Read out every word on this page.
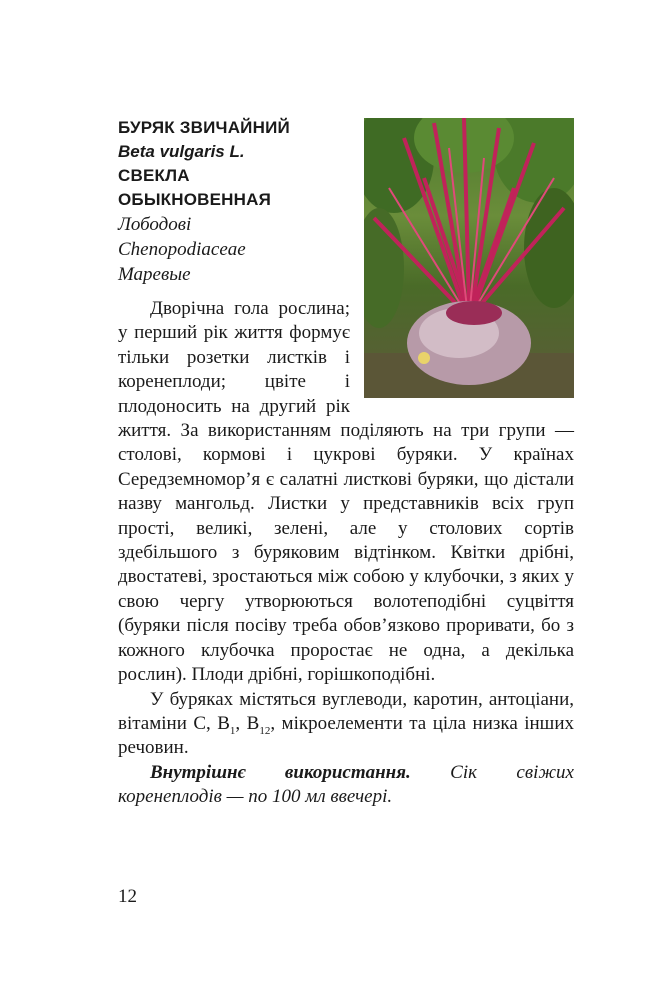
БУРЯК ЗВИЧАЙНИЙ

Beta vulgaris L.

СВЕКЛА

ОБЫКНОВЕННАЯ

Лободові

Chenopodiaceae

Маревые

Дворічна гола рослина; у перший рік життя формує тільки розетки листків і коренеплоди; цвіте і плодоносить на другий рік життя. За використанням поділяють на три групи — столові, кормові і цукрові буряки. У країнах Середземномор’я є салатні листкові буряки, що дістали назву мангольд. Листки у представників всіх груп прості, великі, зелені, але у столових сортів здебільшого з буряковим відтінком. Квітки дрібні, двостатеві, зростаються між собою у клубочки, з яких у свою чергу утворюються волотеподібні суцвіття (буряки після посіву треба обов’язково проривати, бо з кожного клубочка проростає не одна, а декілька рослин). Плоди дрібні, горішкоподібні.

У буряках містяться вуглеводи, каротин, антоціани, вітаміни С, $В_1$, $В_{12}$, мікроелементи та ціла низка інших речовин.

Внутрішнє використання. Сік свіжих коренеплодів — по 100 мл ввечері.

12
